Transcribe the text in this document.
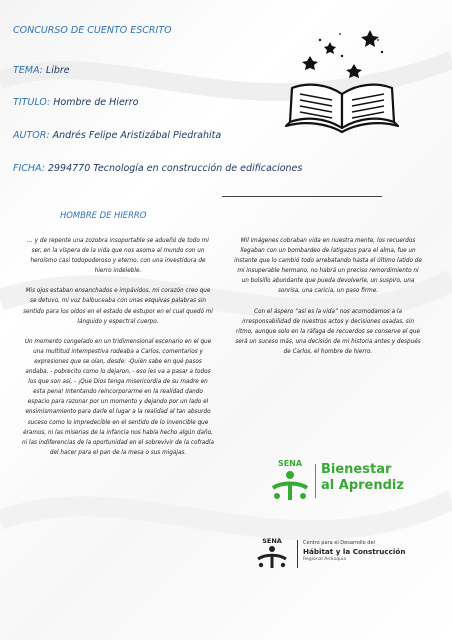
CONCURSO DE CUENTO ESCRITO
TEMA: Libre
TITULO: Hombre de Hierro
AUTOR: Andrés Felipe Aristizábal Piedrahita
FICHA: 2994770 Tecnología en construcción de edificaciones
HOMBRE DE HIERRO

… y de repente una zozobra insoportable se adueñó de todo mi ser, en la víspera de la vida que nos asoma al mundo con un heroísmo casi todopoderoso y eterno, con una investidura de hierro indeleble.

Mis ojos estaban ensanchados e impávidos, mi corazón creo que se detuvo, mi voz balbuceaba con unas esquivas palabras sin sentido para los oídos en el estado de estupor en el cual quedó mi lánguido y espectral cuerpo.

Un momento congelado en un tridimensional escenario en el que una multitud intempestiva rodeaba a Carlos, comentarios y expresiones que se oían, desde: -Quién sabe en qué pasos andaba, - pobrecito como lo dejaron, - eso les va a pasar a todos los que son así, - ¡Que Dios tenga misericordia de su madre en esta pena! Intentando reincorporarme en la realidad dando espacio para razonar por un momento y dejando por un lado el ensimismamiento para darle el lugar a la realidad al tan absurdo suceso como lo impredecible en el sentido de lo invencible que éramos, ni las miserias de la infancia nos había hecho algún daño, ni las indiferencias de la oportunidad en el sobrevivir de la cofradía del hacer para el pan de la mesa o sus migajas.

Mil imágenes cobraban vida en nuestra mente, los recuerdos llegaban con un bombardeo de latigazos para el alma, fue un instante que lo cambió todo arrebatando hasta el último latido de mi insuperable hermano, no habrá un preciso remordimiento ni un bolsillo abundante que pueda devolverle, un suspiro, una sonrisa, una caricia, un paso firme.

Con el áspero “así es la vida” nos acomodamos a la irresponsabilidad de nuestros actos y decisiones osadas, sin ritmo, aunque solo en la ráfaga de recuerdos se conserve el que será un suceso más, una decisión de mi historia antes y después de Carlos, el hombre de hierro.

SENA Bienestar
al Aprendiz
SENA	Centro para el Desarrollo del
Hábitat y la Construcción
Regional Antioquia
